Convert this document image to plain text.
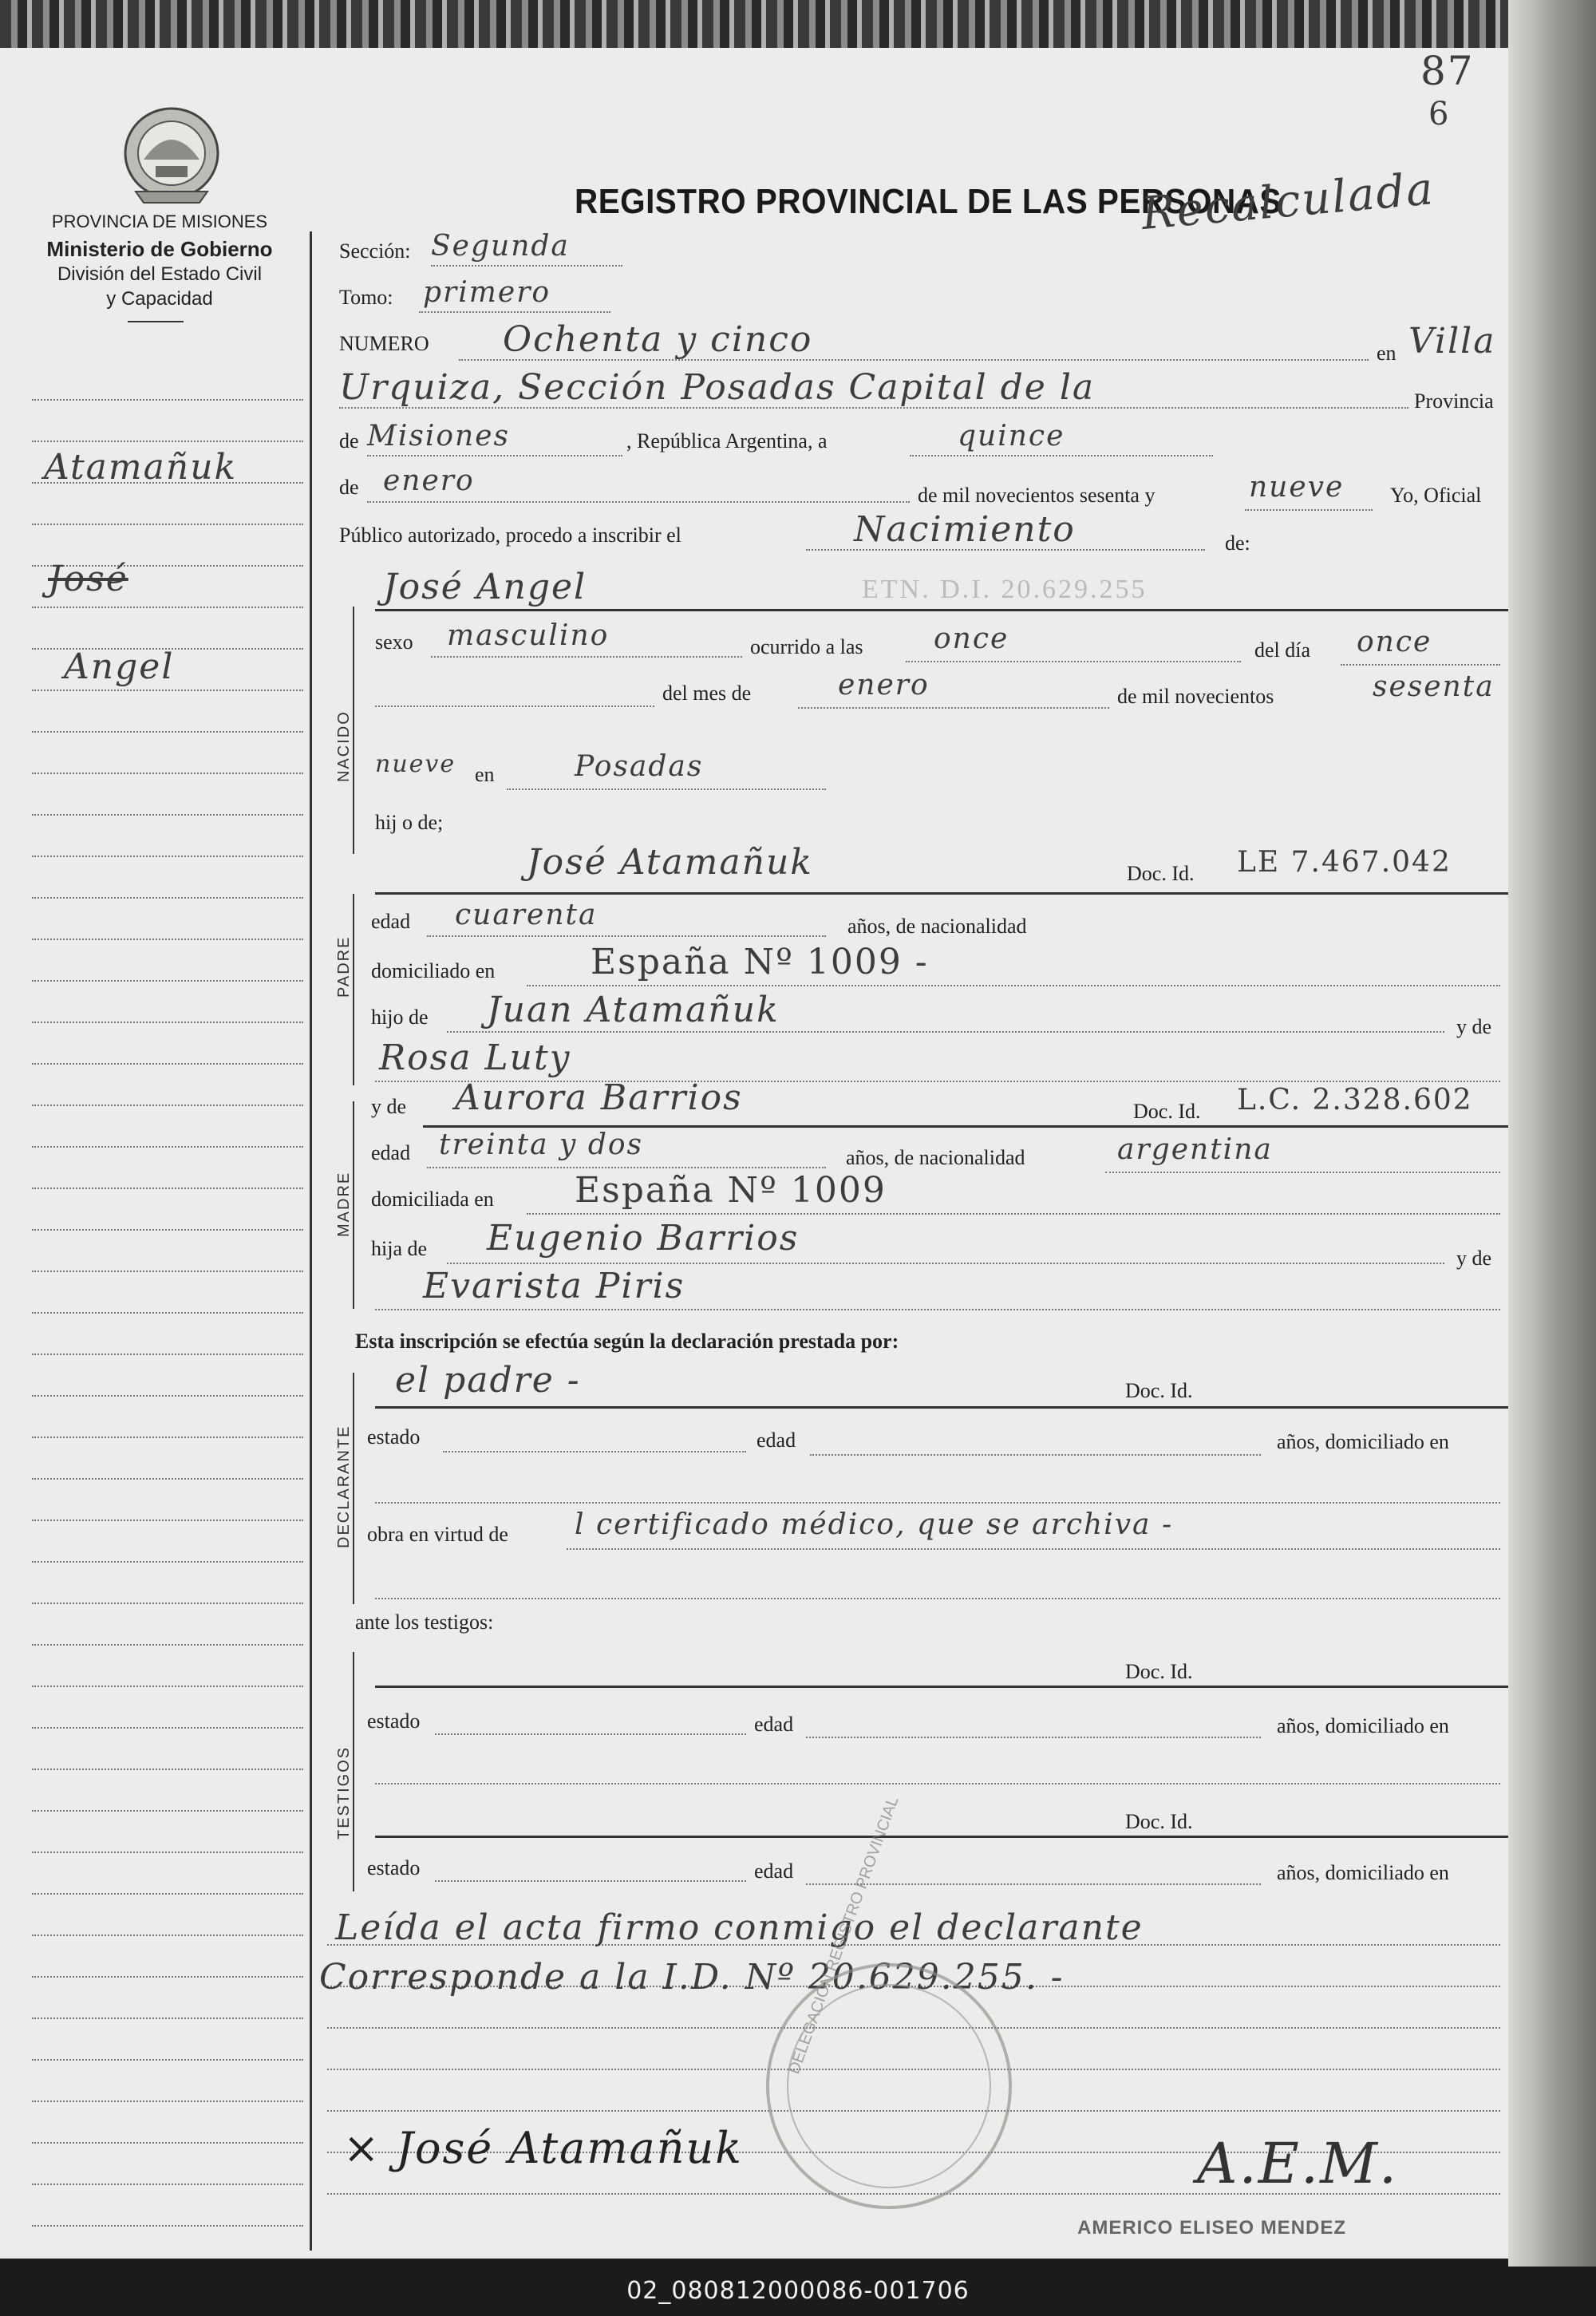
PROVINCIA DE MISIONES
Ministerio de Gobierno
División del Estado Civil
y Capacidad
Atamañuk
José
Angel
REGISTRO PROVINCIAL DE LAS PERSONAS
87
6
Recalculada
Sección: Segunda
Tomo: primero
NUMERO Ochenta y cinco	en Villa
Urquiza, Sección Posadas Capital de la	Provincia
de Misiones	, República Argentina, a	quince
de enero	de mil novecientos sesenta y	nueve Yo, Oficial
Público autorizado, procedo a inscribir el	Nacimiento	de:
NACIDO
José Angel	ETN. D.I. 20.629.255
sexo masculino	ocurrido a las once	del día once
del mes de	enero	de mil novecientos	sesenta
nueve en	Posadas
hij o de;
PADRE
José Atamañuk	Doc. Id. LE 7.467.042
edad cuarenta	años, de nacionalidad
domiciliado en	España Nº 1009 -
hijo de Juan Atamañuk	y de
Rosa Luty
MADRE
y de Aurora Barrios	Doc. Id. L.C. 2.328.602
edad treinta y dos	años, de nacionalidad	argentina
domiciliada en España Nº 1009
hija de Eugenio Barrios	y de
Evarista Piris
Esta inscripción se efectúa según la declaración prestada por:
DECLARANTE
el padre -	Doc. Id.
estado	edad	años, domiciliado en
obra en virtud de l certificado médico, que se archiva -
ante los testigos:
TESTIGOS
Doc. Id.
estado	edad	años, domiciliado en
Doc. Id.
estado	edad	años, domiciliado en
Leída el acta firmo conmigo el declarante
Corresponde a la I.D. Nº 20.629.255. -
DELEGACION REGISTRO PROVINCIAL
× José Atamañuk	A.E.M.
AMERICO ELISEO MENDEZ
02_080812000086-001706
